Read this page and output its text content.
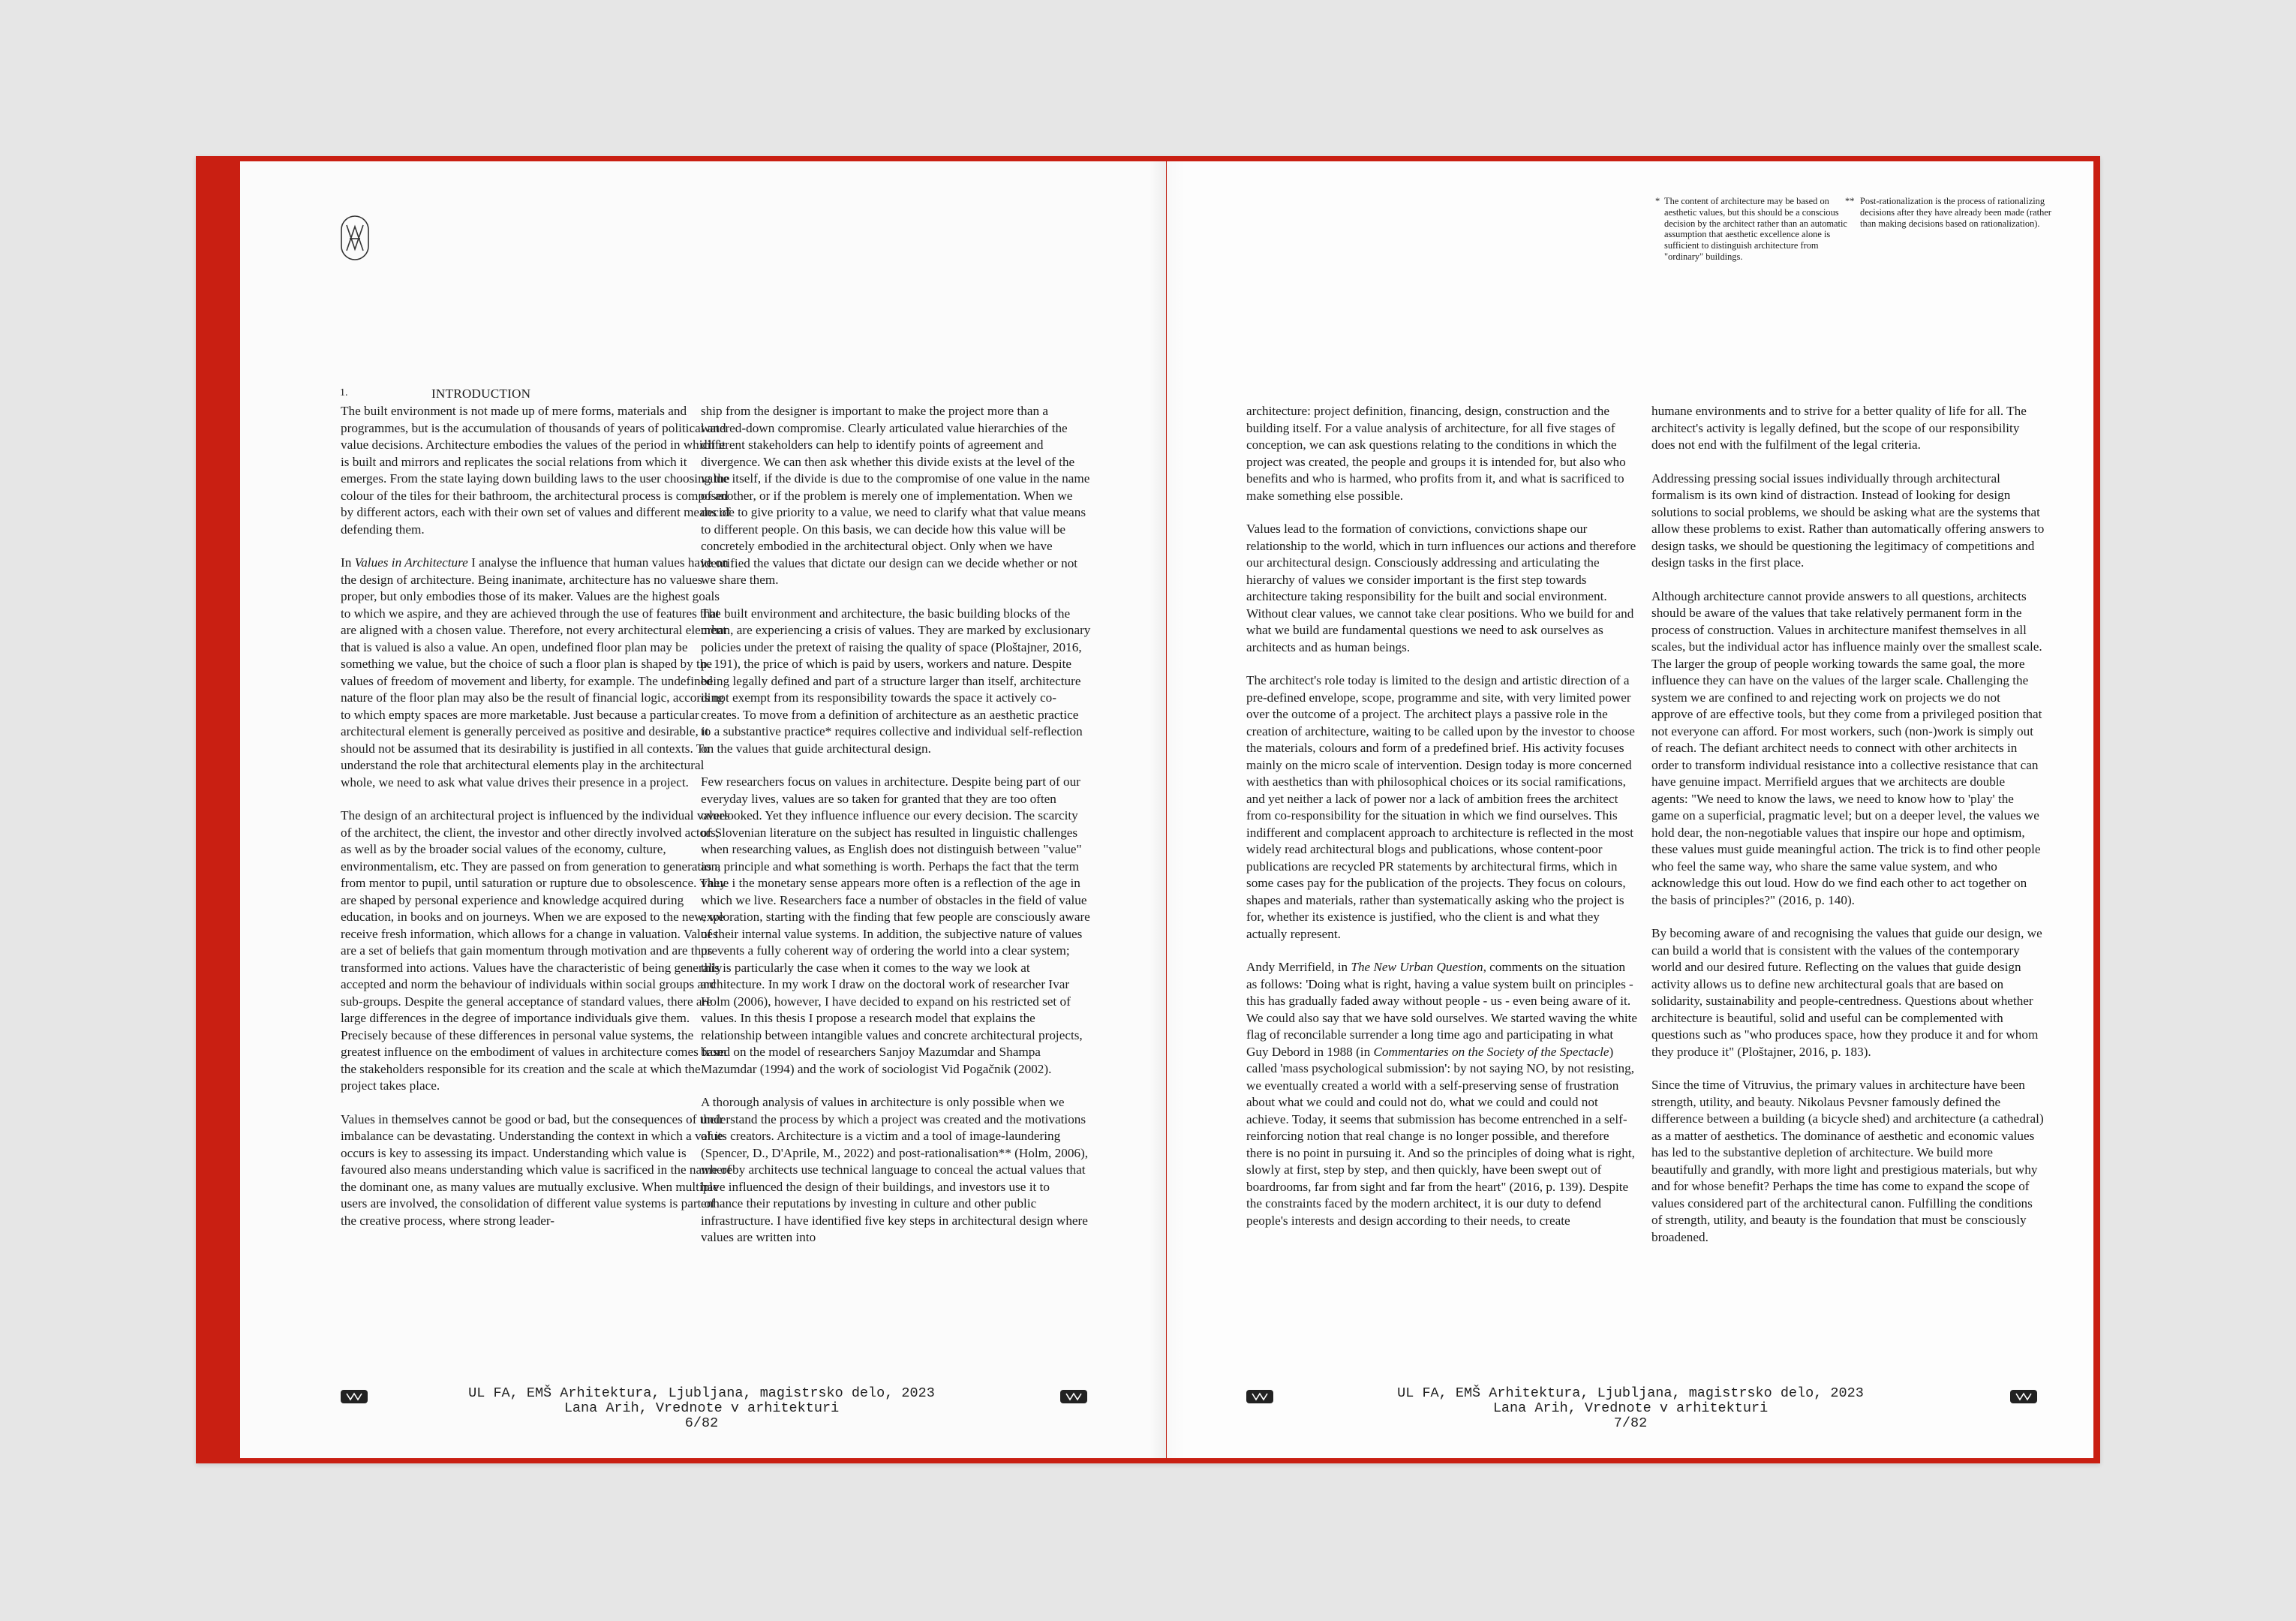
1.	INTRODUCTION

The built environment is not made up of mere forms, materials and programmes, but is the accumulation of thousands of years of political and value decisions. Architecture embodies the values of the period in which it is built and mirrors and replicates the social relations from which it emerges. From the state laying down building laws to the user choosing the colour of the tiles for their bathroom, the architectural process is composed by different actors, each with their own set of values and different means of defending them.

In Values in Architecture I analyse the influence that human values have on the design of architecture. Being inanimate, architecture has no values proper, but only embodies those of its maker. Values are the highest goals to which we aspire, and they are achieved through the use of features that are aligned with a chosen value. Therefore, not every architectural element that is valued is also a value. An open, undefined floor plan may be something we value, but the choice of such a floor plan is shaped by the values of freedom of movement and liberty, for example. The undefined nature of the floor plan may also be the result of financial logic, according to which empty spaces are more marketable. Just because a particular architectural element is generally perceived as positive and desirable, it should not be assumed that its desirability is justified in all contexts. To understand the role that architectural elements play in the architectural whole, we need to ask what value drives their presence in a project.

The design of an architectural project is influenced by the individual values of the architect, the client, the investor and other directly involved actors, as well as by the broader social values of the economy, culture, environmentalism, etc. They are passed on from generation to generation, from mentor to pupil, until saturation or rupture due to obsolescence. They are shaped by personal experience and knowledge acquired during education, in books and on journeys. When we are exposed to the new, we receive fresh information, which allows for a change in valuation. Values are a set of beliefs that gain momentum through motivation and are thus transformed into actions. Values have the characteristic of being generally accepted and norm the behaviour of individuals within social groups and sub-groups. Despite the general acceptance of standard values, there are large differences in the degree of importance individuals give them. Precisely because of these differences in personal value systems, the greatest influence on the embodiment of values in architecture comes from the stakeholders responsible for its creation and the scale at which the project takes place.

Values in themselves cannot be good or bad, but the consequences of their imbalance can be devastating. Understanding the context in which a value occurs is key to assessing its impact. Understanding which value is favoured also means understanding which value is sacrificed in the name of the dominant one, as many values are mutually exclusive. When multiple users are involved, the consolidation of different value systems is part of the creative process, where strong leader-

ship from the designer is important to make the project more than a watered-down compromise. Clearly articulated value hierarchies of the different stakeholders can help to identify points of agreement and divergence. We can then ask whether this divide exists at the level of the value itself, if the divide is due to the compromise of one value in the name of another, or if the problem is merely one of implementation. When we decide to give priority to a value, we need to clarify what that value means to different people. On this basis, we can decide how this value will be concretely embodied in the architectural object. Only when we have identified the values that dictate our design can we decide whether or not we share them.

The built environment and architecture, the basic building blocks of the urban, are experiencing a crisis of values. They are marked by exclusionary policies under the pretext of raising the quality of space (Ploštajner, 2016, p. 191), the price of which is paid by users, workers and nature. Despite being legally defined and part of a structure larger than itself, architecture is not exempt from its responsibility towards the space it actively co-creates. To move from a definition of architecture as an aesthetic practice to a substantive practice* requires collective and individual self-reflection on the values that guide architectural design.

Few researchers focus on values in architecture. Despite being part of our everyday lives, values are so taken for granted that they are too often overlooked. Yet they influence influence our every decision. The scarcity of Slovenian literature on the subject has resulted in linguistic challenges when researching values, as English does not distinguish between "value" as a principle and what something is worth. Perhaps the fact that the term value i the monetary sense appears more often is a reflection of the age in which we live. Researchers face a number of obstacles in the field of value exploration, starting with the finding that few people are consciously aware of their internal value systems. In addition, the subjective nature of values prevents a fully coherent way of ordering the world into a clear system; this is particularly the case when it comes to the way we look at architecture. In my work I draw on the doctoral work of researcher Ivar Holm (2006), however, I have decided to expand on his restricted set of values. In this thesis I propose a research model that explains the relationship between intangible values and concrete architectural projects, based on the model of researchers Sanjoy Mazumdar and Shampa Mazumdar (1994) and the work of sociologist Vid Pogačnik (2002).

A thorough analysis of values in architecture is only possible when we understand the process by which a project was created and the motivations of its creators. Architecture is a victim and a tool of image-laundering (Spencer, D., D'Aprile, M., 2022) and post-rationalisation** (Holm, 2006), whereby architects use technical language to conceal the actual values that have influenced the design of their buildings, and investors use it to enhance their reputations by investing in culture and other public infrastructure. I have identified five key steps in architectural design where values are written into

UL FA, EMŠ Arhitektura, Ljubljana, magistrsko delo, 2023
Lana Arih, Vrednote v arhitekturi
6/82
* The content of architecture may be based on aesthetic values, but this should be a conscious decision by the architect rather than an automatic assumption that aesthetic excellence alone is sufficient to distinguish architecture from "ordinary" buildings.
** Post-rationalization is the process of rationalizing decisions after they have already been made (rather than making decisions based on rationalization).

architecture: project definition, financing, design, construction and the building itself. For a value analysis of architecture, for all five stages of conception, we can ask questions relating to the conditions in which the project was created, the people and groups it is intended for, but also who benefits and who is harmed, who profits from it, and what is sacrificed to make something else possible.

Values lead to the formation of convictions, convictions shape our relationship to the world, which in turn influences our actions and therefore our architectural design. Consciously addressing and articulating the hierarchy of values we consider important is the first step towards architecture taking responsibility for the built and social environment. Without clear values, we cannot take clear positions. Who we build for and what we build are fundamental questions we need to ask ourselves as architects and as human beings.

The architect's role today is limited to the design and artistic direction of a pre-defined envelope, scope, programme and site, with very limited power over the outcome of a project. The architect plays a passive role in the creation of architecture, waiting to be called upon by the investor to choose the materials, colours and form of a predefined brief. His activity focuses mainly on the micro scale of intervention. Design today is more concerned with aesthetics than with philosophical choices or its social ramifications, and yet neither a lack of power nor a lack of ambition frees the architect from co-responsibility for the situation in which we find ourselves. This indifferent and complacent approach to architecture is reflected in the most widely read architectural blogs and publications, whose content-poor publications are recycled PR statements by architectural firms, which in some cases pay for the publication of the projects. They focus on colours, shapes and materials, rather than systematically asking who the project is for, whether its existence is justified, who the client is and what they actually represent.

Andy Merrifield, in The New Urban Question, comments on the situation as follows: 'Doing what is right, having a value system built on principles - this has gradually faded away without people - us - even being aware of it. We could also say that we have sold ourselves. We started waving the white flag of reconcilable surrender a long time ago and participating in what Guy Debord in 1988 (in Commentaries on the Society of the Spectacle) called 'mass psychological submission': by not saying NO, by not resisting, we eventually created a world with a self-preserving sense of frustration about what we could and could not do, what we could and could not achieve. Today, it seems that submission has become entrenched in a self-reinforcing notion that real change is no longer possible, and therefore there is no point in pursuing it. And so the principles of doing what is right, slowly at first, step by step, and then quickly, have been swept out of boardrooms, far from sight and far from the heart" (2016, p. 139). Despite the constraints faced by the modern architect, it is our duty to defend people's interests and design according to their needs, to create

humane environments and to strive for a better quality of life for all. The architect's activity is legally defined, but the scope of our responsibility does not end with the fulfilment of the legal criteria.

Addressing pressing social issues individually through architectural formalism is its own kind of distraction. Instead of looking for design solutions to social problems, we should be asking what are the systems that allow these problems to exist. Rather than automatically offering answers to design tasks, we should be questioning the legitimacy of competitions and design tasks in the first place.

Although architecture cannot provide answers to all questions, architects should be aware of the values that take relatively permanent form in the process of construction. Values in architecture manifest themselves in all scales, but the individual actor has influence mainly over the smallest scale. The larger the group of people working towards the same goal, the more influence they can have on the values of the larger scale. Challenging the system we are confined to and rejecting work on projects we do not approve of are effective tools, but they come from a privileged position that not everyone can afford. For most workers, such (non-)work is simply out of reach. The defiant architect needs to connect with other architects in order to transform individual resistance into a collective resistance that can have genuine impact. Merrifield argues that we architects are double agents: "We need to know the laws, we need to know how to 'play' the game on a superficial, pragmatic level; but on a deeper level, the values we hold dear, the non-negotiable values that inspire our hope and optimism, these values must guide meaningful action. The trick is to find other people who feel the same way, who share the same value system, and who acknowledge this out loud. How do we find each other to act together on the basis of principles?" (2016, p. 140).

By becoming aware of and recognising the values that guide our design, we can build a world that is consistent with the values of the contemporary world and our desired future. Reflecting on the values that guide design activity allows us to define new architectural goals that are based on solidarity, sustainability and people-centredness. Questions about whether architecture is beautiful, solid and useful can be complemented with questions such as "who produces space, how they produce it and for whom they produce it" (Ploštajner, 2016, p. 183).

Since the time of Vitruvius, the primary values in architecture have been strength, utility, and beauty. Nikolaus Pevsner famously defined the difference between a building (a bicycle shed) and architecture (a cathedral) as a matter of aesthetics. The dominance of aesthetic and economic values has led to the substantive depletion of architecture. We build more beautifully and grandly, with more light and prestigious materials, but why and for whose benefit? Perhaps the time has come to expand the scope of values considered part of the architectural canon. Fulfilling the conditions of strength, utility, and beauty is the foundation that must be consciously broadened.

UL FA, EMŠ Arhitektura, Ljubljana, magistrsko delo, 2023
Lana Arih, Vrednote v arhitekturi
7/82
